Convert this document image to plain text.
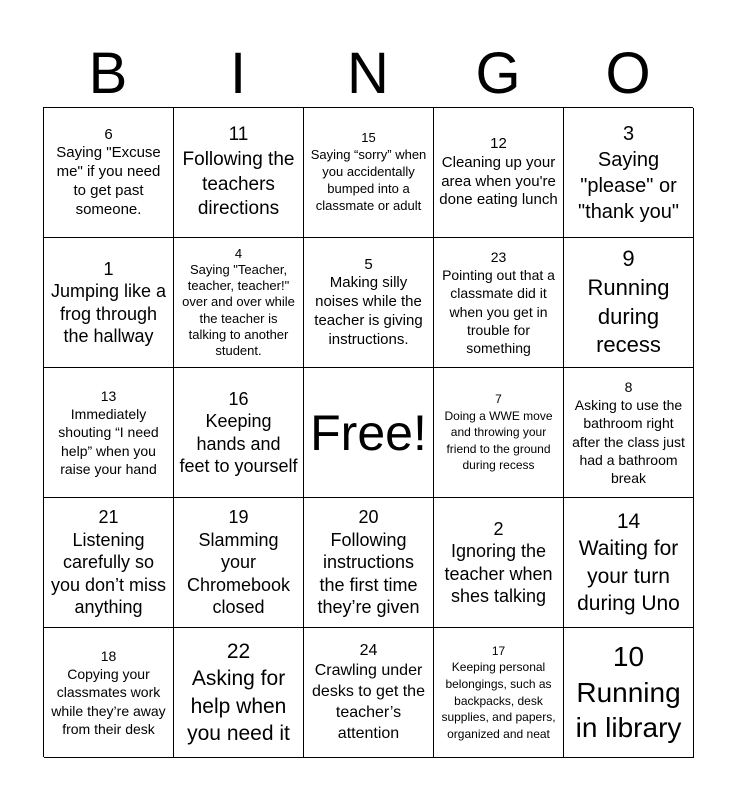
B	I	N	G	O
6
Saying "Excuse me" if you need to get past someone.
11
Following the teachers directions
15
Saying “sorry” when you accidentally bumped into a classmate or adult
12
Cleaning up your area when you're done eating lunch
3
Saying "please" or "thank you"
1
Jumping like a frog through the hallway
4
Saying "Teacher, teacher, teacher!" over and over while the teacher is talking to another student.
5
Making silly noises while the teacher is giving instructions.
23
Pointing out that a classmate did it when you get in trouble for something
9
Running during recess
13
Immediately shouting “I need help” when you raise your hand
16
Keeping hands and feet to yourself
Free!
7
Doing a WWE move and throwing your friend to the ground during recess
8
Asking to use the bathroom right after the class just had a bathroom break
21
Listening carefully so you don’t miss anything
19
Slamming your Chromebook closed
20
Following instructions the first time they’re given
2
Ignoring the teacher when shes talking
14
Waiting for your turn during Uno
18
Copying your classmates work while they’re away from their desk
22
Asking for help when you need it
24
Crawling under desks to get the teacher’s attention
17
Keeping personal belongings, such as backpacks, desk supplies, and papers, organized and neat
10
Running in library
